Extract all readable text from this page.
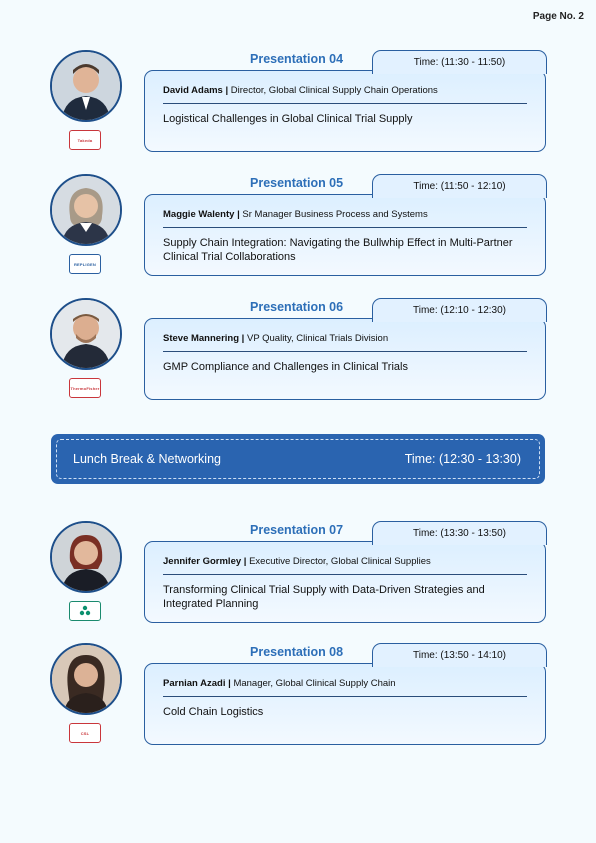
Page No. 2
Takeda
David Adams | Director, Global Clinical Supply Chain Operations
Logistical Challenges in Global Clinical Trial Supply
Time: (11:30 - 11:50)
Presentation 04
REPLIGEN
Maggie Walenty | Sr Manager Business Process and Systems
Supply Chain Integration: Navigating the Bullwhip Effect in Multi-Partner Clinical Trial Collaborations
Time: (11:50 - 12:10)
Presentation 05
ThermoFisher
Steve Mannering | VP Quality, Clinical Trials Division
GMP Compliance and Challenges in Clinical Trials
Time: (12:10 - 12:30)
Presentation 06
Lunch Break & Networking	Time: (12:30 - 13:30)
Jennifer Gormley | Executive Director, Global Clinical Supplies
Transforming Clinical Trial Supply with Data-Driven Strategies and Integrated Planning
Time: (13:30 - 13:50)
Presentation 07
CSL
Parnian Azadi | Manager, Global Clinical Supply Chain
Cold Chain Logistics
Time: (13:50 - 14:10)
Presentation 08
